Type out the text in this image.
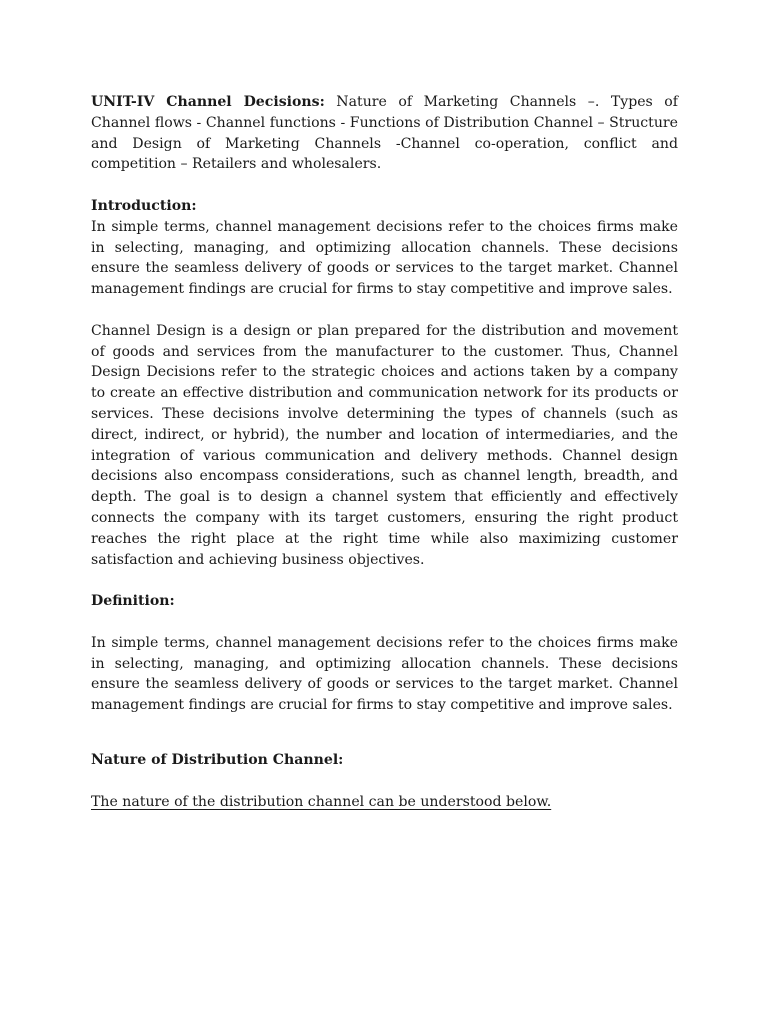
UNIT-IV Channel Decisions: Nature of Marketing Channels –. Types of Channel flows - Channel functions - Functions of Distribution Channel – Structure and Design of Marketing Channels -Channel co-operation, conflict and competition – Retailers and wholesalers.

Introduction:

In simple terms, channel management decisions refer to the choices firms make in selecting, managing, and optimizing allocation channels. These decisions ensure the seamless delivery of goods or services to the target market. Channel management findings are crucial for firms to stay competitive and improve sales.

Channel Design is a design or plan prepared for the distribution and movement of goods and services from the manufacturer to the customer. Thus, Channel Design Decisions refer to the strategic choices and actions taken by a company to create an effective distribution and communication network for its products or services. These decisions involve determining the types of channels (such as direct, indirect, or hybrid), the number and location of intermediaries, and the integration of various communication and delivery methods. Channel design decisions also encompass considerations, such as channel length, breadth, and depth. The goal is to design a channel system that efficiently and effectively connects the company with its target customers, ensuring the right product reaches the right place at the right time while also maximizing customer satisfaction and achieving business objectives.

Definition:

In simple terms, channel management decisions refer to the choices firms make in selecting, managing, and optimizing allocation channels. These decisions ensure the seamless delivery of goods or services to the target market. Channel management findings are crucial for firms to stay competitive and improve sales.

Nature of Distribution Channel:

The nature of the distribution channel can be understood below.
